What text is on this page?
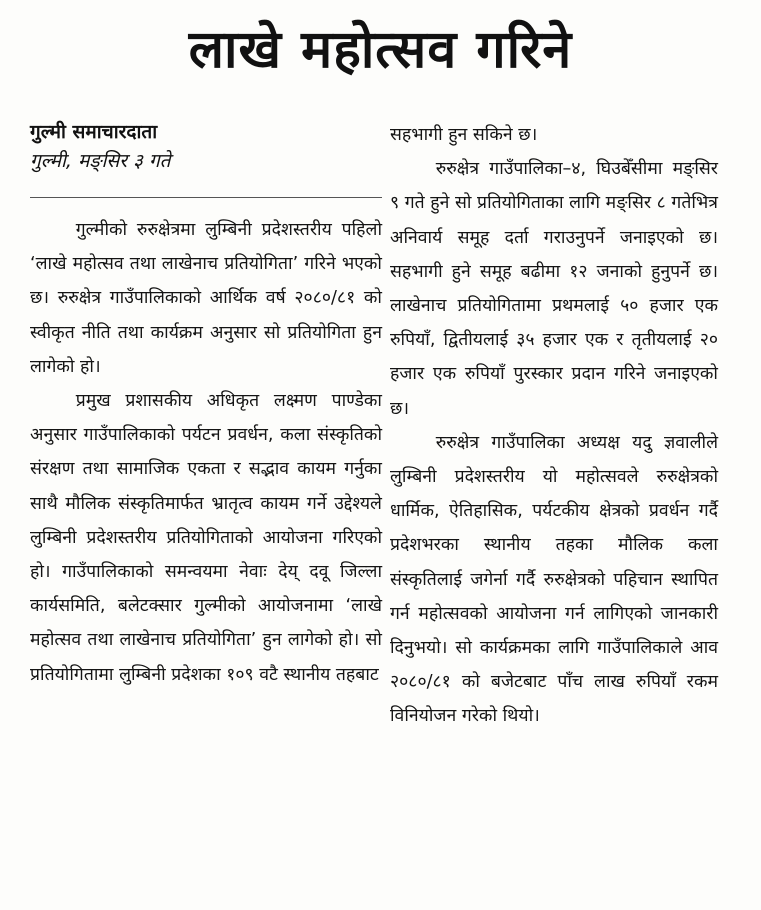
लाखे महोत्सव गरिने
गुल्मी समाचारदाता
गुल्मी, मङ्सिर ३ गते

गुल्मीको रुरुक्षेत्रमा लुम्बिनी प्रदेशस्तरीय पहिलो ‘लाखे महोत्सव तथा लाखेनाच प्रतियोगिता’ गरिने भएको छ। रुरुक्षेत्र गाउँपालिकाको आर्थिक वर्ष २०८०/८१ को स्वीकृत नीति तथा कार्यक्रम अनुसार सो प्रतियोगिता हुन लागेको हो।

प्रमुख प्रशासकीय अधिकृत लक्ष्मण पाण्डेका अनुसार गाउँपालिकाको पर्यटन प्रवर्धन, कला संस्कृतिको संरक्षण तथा सामाजिक एकता र सद्भाव कायम गर्नुका साथै मौलिक संस्कृतिमार्फत भ्रातृत्व कायम गर्ने उद्देश्यले लुम्बिनी प्रदेशस्तरीय प्रतियोगिताको आयोजना गरिएको हो। गाउँपालिकाको समन्वयमा नेवाः देय् दवू जिल्ला कार्यसमिति, बलेटक्सार गुल्मीको आयोजनामा ‘लाखे महोत्सव तथा लाखेनाच प्रतियोगिता’ हुन लागेको हो। सो प्रतियोगितामा लुम्बिनी प्रदेशका १०९ वटै स्थानीय तहबाट

सहभागी हुन सकिने छ।

रुरुक्षेत्र गाउँपालिका–४, घिउबेँसीमा मङ्सिर ९ गते हुने सो प्रतियोगिताका लागि मङ्सिर ८ गतेभित्र अनिवार्य समूह दर्ता गराउनुपर्ने जनाइएको छ। सहभागी हुने समूह बढीमा १२ जनाको हुनुपर्ने छ। लाखेनाच प्रतियोगितामा प्रथमलाई ५० हजार एक रुपियाँ, द्वितीयलाई ३५ हजार एक र तृतीयलाई २० हजार एक रुपियाँ पुरस्कार प्रदान गरिने जनाइएको छ।

रुरुक्षेत्र गाउँपालिका अध्यक्ष यदु ज्ञवालीले लुम्बिनी प्रदेशस्तरीय यो महोत्सवले रुरुक्षेत्रको धार्मिक, ऐतिहासिक, पर्यटकीय क्षेत्रको प्रवर्धन गर्दै प्रदेशभरका स्थानीय तहका मौलिक कला संस्कृतिलाई जगेर्ना गर्दै रुरुक्षेत्रको पहिचान स्थापित गर्न महोत्सवको आयोजना गर्न लागिएको जानकारी दिनुभयो। सो कार्यक्रमका लागि गाउँपालिकाले आव २०८०/८१ को बजेटबाट पाँच लाख रुपियाँ रकम विनियोजन गरेको थियो।
